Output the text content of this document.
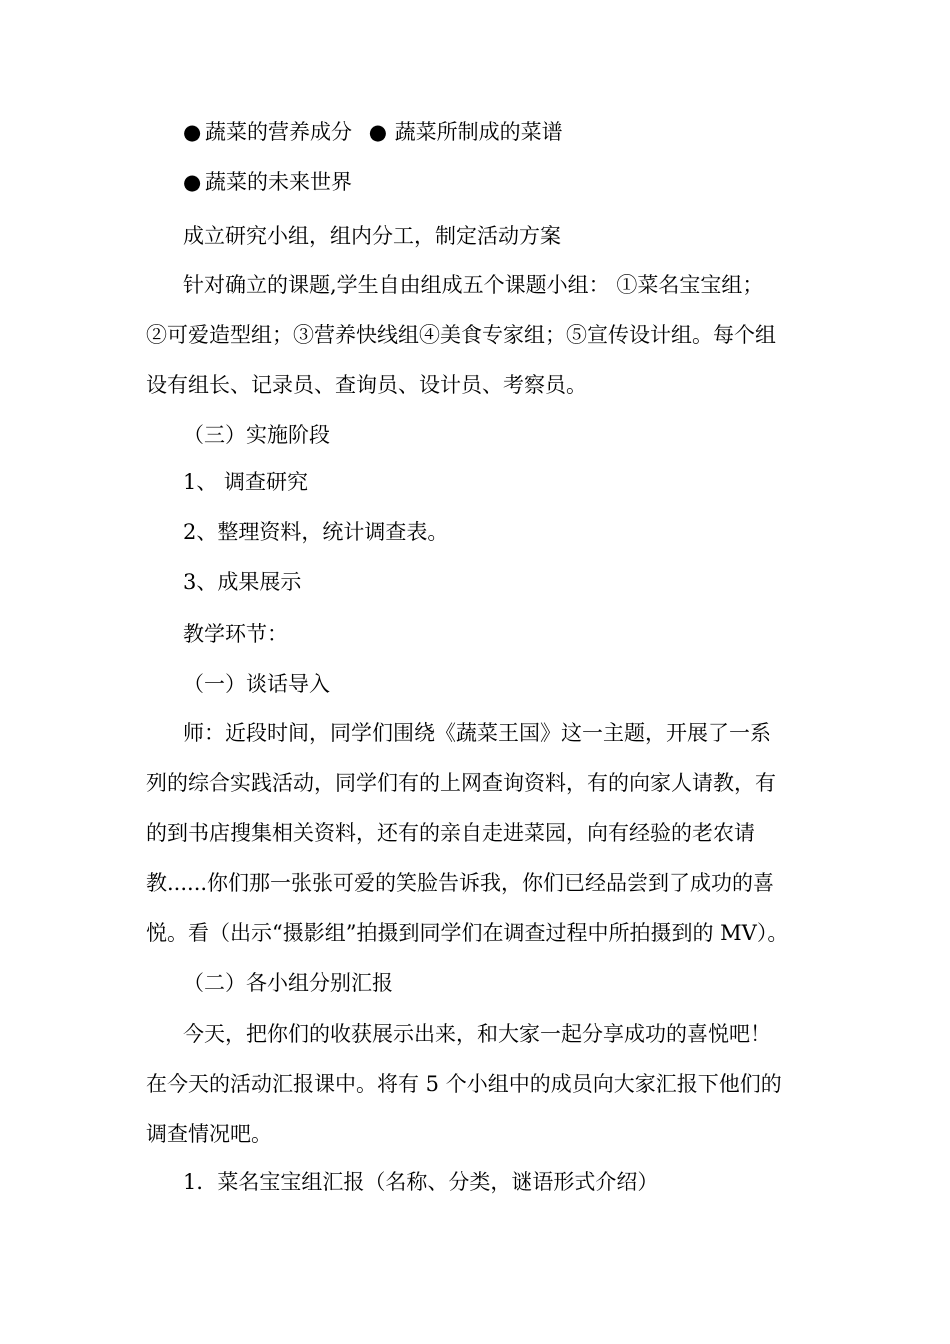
● 蔬菜的营养成分 ● 蔬菜所制成的菜谱
● 蔬菜的未来世界
成立研究小组，组内分工，制定活动方案
针对确立的课题,学生自由组成五个课题小组： ①菜名宝宝组；
②可爱造型组；③营养快线组④美食专家组；⑤宣传设计组。每个组
设有组长、记录员、查询员、设计员、考察员。
（三）实施阶段
1、 调查研究
2、整理资料，统计调查表。
3、成果展示
教学环节：
（一）谈话导入
师：近段时间，同学们围绕《蔬菜王国》这一主题，开展了一系
列的综合实践活动，同学们有的上网查询资料，有的向家人请教，有
的到书店搜集相关资料，还有的亲自走进菜园，向有经验的老农请
教......你们那一张张可爱的笑脸告诉我，你们已经品尝到了成功的喜
悦。看（出示“摄影组”拍摄到同学们在调查过程中所拍摄到的 MV）。
（二）各小组分别汇报
今天，把你们的收获展示出来，和大家一起分享成功的喜悦吧！
在今天的活动汇报课中。将有 5 个小组中的成员向大家汇报下他们的
调查情况吧。
1．菜名宝宝组汇报（名称、分类，谜语形式介绍）
